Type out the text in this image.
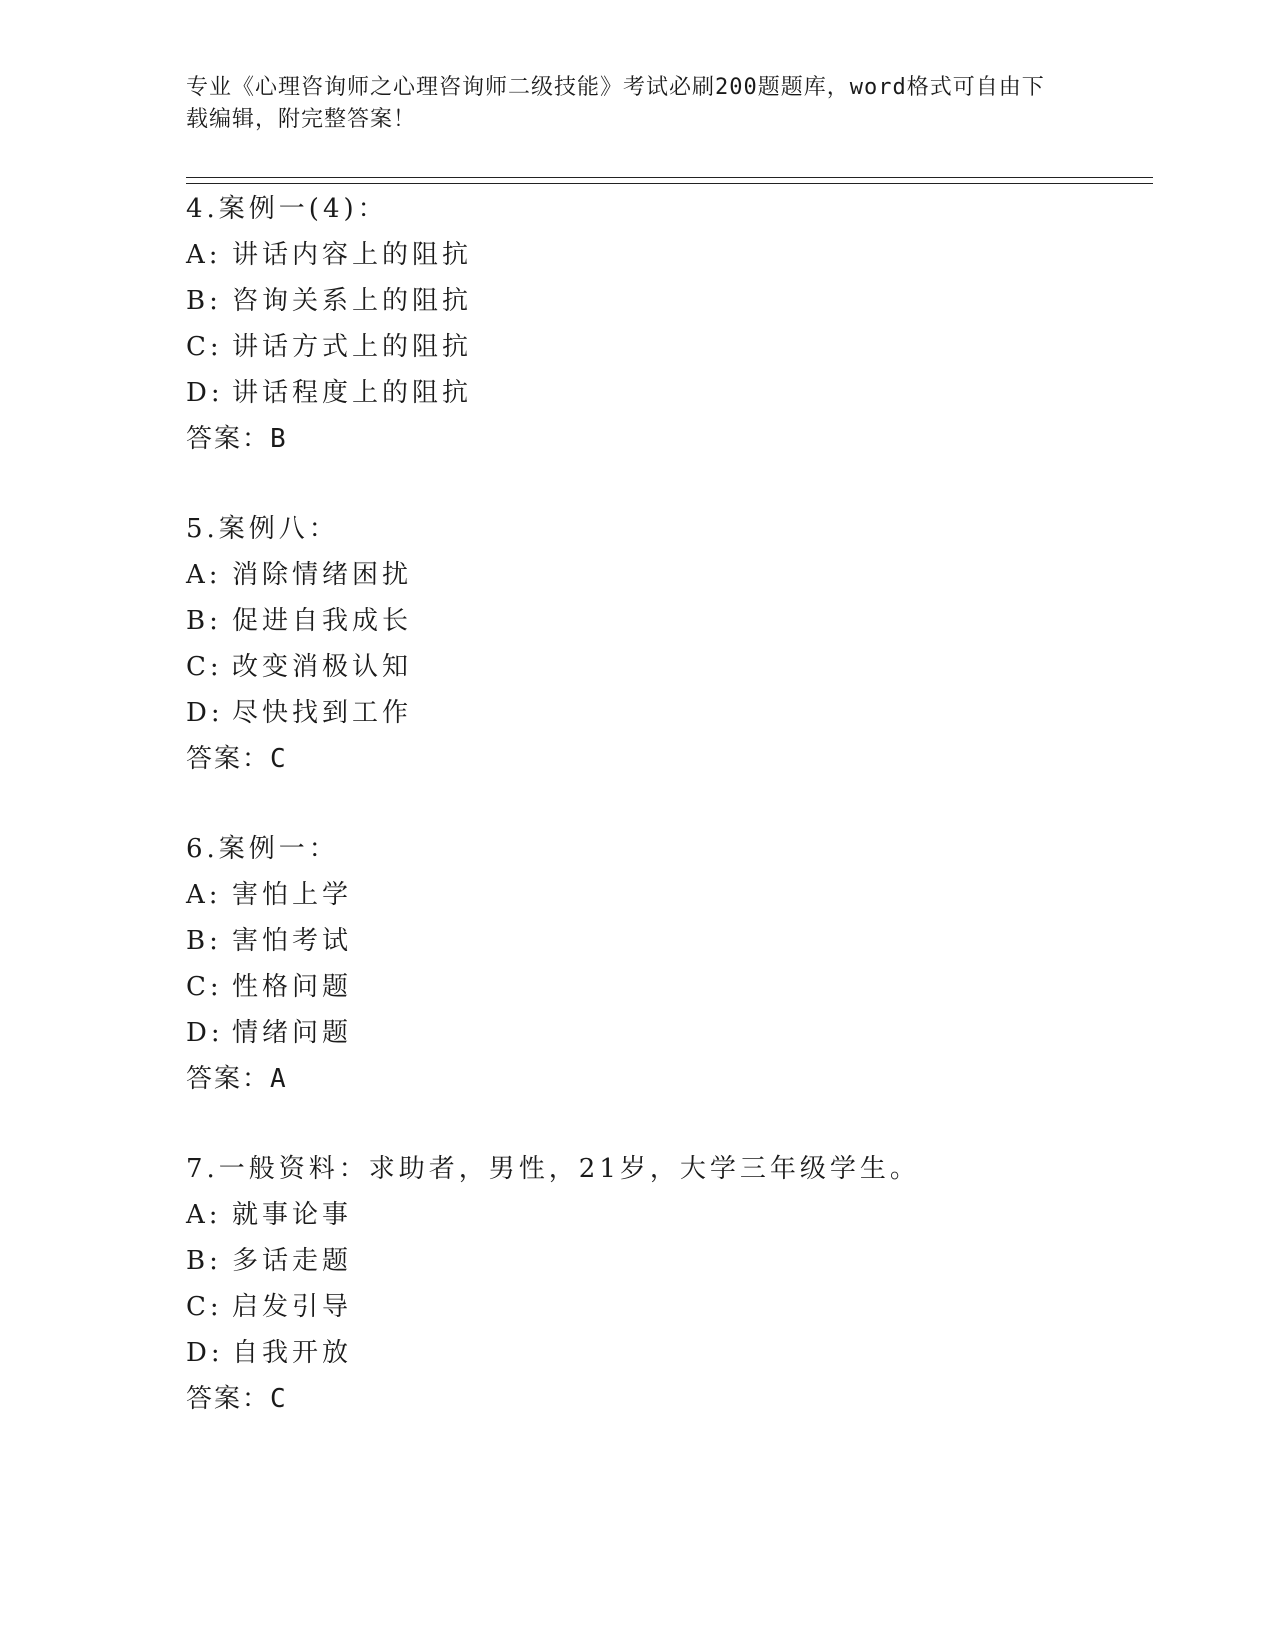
专业《心理咨询师之心理咨询师二级技能》考试必刷200题题库，word格式可自由下载编辑，附完整答案！
4.案例一(4)：
A: 讲话内容上的阻抗
B: 咨询关系上的阻抗
C: 讲话方式上的阻抗
D: 讲话程度上的阻抗
答案：B
5.案例八：
A: 消除情绪困扰
B: 促进自我成长
C: 改变消极认知
D: 尽快找到工作
答案：C
6.案例一：
A: 害怕上学
B: 害怕考试
C: 性格问题
D: 情绪问题
答案：A
7.一般资料：求助者，男性，21岁，大学三年级学生。
A: 就事论事
B: 多话走题
C: 启发引导
D: 自我开放
答案：C
